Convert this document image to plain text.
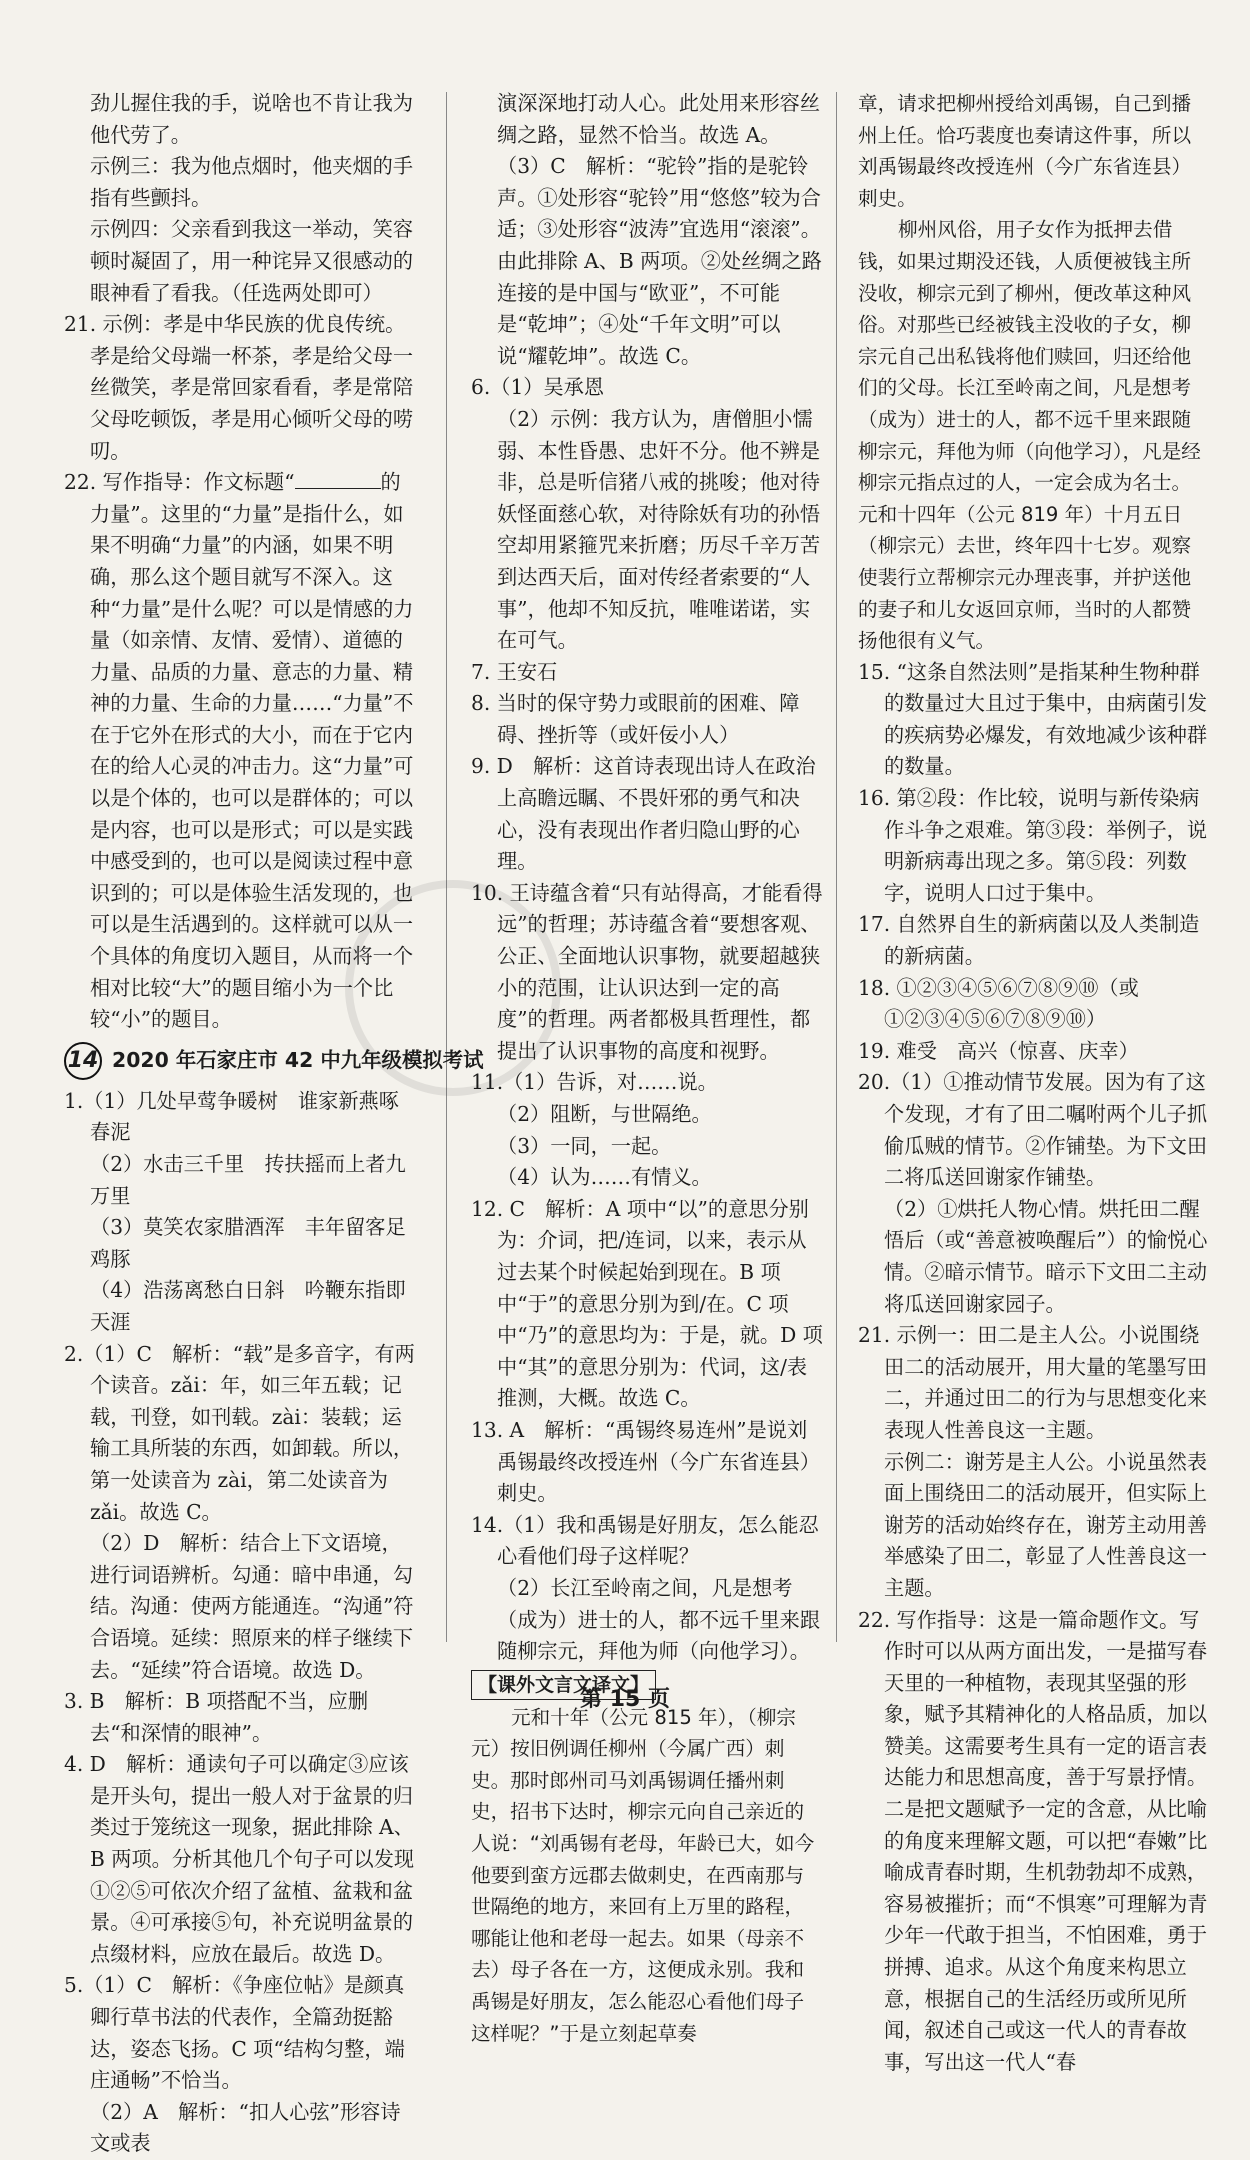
劲儿握住我的手，说啥也不肯让我为他代劳了。

示例三：我为他点烟时，他夹烟的手指有些颤抖。

示例四：父亲看到我这一举动，笑容顿时凝固了，用一种诧异又很感动的眼神看了看我。（任选两处即可）

21. 示例：孝是中华民族的优良传统。孝是给父母端一杯茶，孝是给父母一丝微笑，孝是常回家看看，孝是常陪父母吃顿饭，孝是用心倾听父母的唠叨。

22. 写作指导：作文标题“	的力量”。这里的“力量”是指什么，如果不明确“力量”的内涵，如果不明确，那么这个题目就写不深入。这种“力量”是什么呢？可以是情感的力量（如亲情、友情、爱情）、道德的力量、品质的力量、意志的力量、精神的力量、生命的力量……“力量”不在于它外在形式的大小，而在于它内在的给人心灵的冲击力。这“力量”可以是个体的，也可以是群体的；可以是内容，也可以是形式；可以是实践中感受到的，也可以是阅读过程中意识到的；可以是体验生活发现的，也可以是生活遇到的。这样就可以从一个具体的角度切入题目，从而将一个相对比较“大”的题目缩小为一个比较“小”的题目。

14 2020 年石家庄市 42 中九年级模拟考试

1.（1）几处早莺争暖树　谁家新燕啄春泥

（2）水击三千里　抟扶摇而上者九万里

（3）莫笑农家腊酒浑　丰年留客足鸡豚

（4）浩荡离愁白日斜　吟鞭东指即天涯

2.（1）C　解析：“载”是多音字，有两个读音。zǎi：年，如三年五载；记载，刊登，如刊载。zài：装载；运输工具所装的东西，如卸载。所以，第一处读音为 zài，第二处读音为 zǎi。故选 C。

（2）D　解析：结合上下文语境，进行词语辨析。勾通：暗中串通，勾结。沟通：使两方能通连。“沟通”符合语境。延续：照原来的样子继续下去。“延续”符合语境。故选 D。

3. B　解析：B 项搭配不当，应删去“和深情的眼神”。

4. D　解析：通读句子可以确定③应该是开头句，提出一般人对于盆景的归类过于笼统这一现象，据此排除 A、B 两项。分析其他几个句子可以发现①②⑤可依次介绍了盆植、盆栽和盆景。④可承接⑤句，补充说明盆景的点缀材料，应放在最后。故选 D。

5.（1）C　解析：《争座位帖》是颜真卿行草书法的代表作，全篇劲挺豁达，姿态飞扬。C 项“结构匀整，端庄通畅”不恰当。

（2）A　解析：“扣人心弦”形容诗文或表

演深深地打动人心。此处用来形容丝绸之路，显然不恰当。故选 A。

（3）C　解析：“驼铃”指的是驼铃声。①处形容“驼铃”用“悠悠”较为合适；③处形容“波涛”宜选用“滚滚”。由此排除 A、B 两项。②处丝绸之路连接的是中国与“欧亚”，不可能是“乾坤”；④处“千年文明”可以说“耀乾坤”。故选 C。

6.（1）吴承恩

（2）示例：我方认为，唐僧胆小懦弱、本性昏愚、忠奸不分。他不辨是非，总是听信猪八戒的挑唆；他对待妖怪面慈心软，对待除妖有功的孙悟空却用紧箍咒来折磨；历尽千辛万苦到达西天后，面对传经者索要的“人事”，他却不知反抗，唯唯诺诺，实在可气。

7. 王安石

8. 当时的保守势力或眼前的困难、障碍、挫折等（或奸佞小人）

9. D　解析：这首诗表现出诗人在政治上高瞻远瞩、不畏奸邪的勇气和决心，没有表现出作者归隐山野的心理。

10. 王诗蕴含着“只有站得高，才能看得远”的哲理；苏诗蕴含着“要想客观、公正、全面地认识事物，就要超越狭小的范围，让认识达到一定的高度”的哲理。两者都极具哲理性，都提出了认识事物的高度和视野。

11.（1）告诉，对……说。

（2）阻断，与世隔绝。

（3）一同，一起。

（4）认为……有情义。

12. C　解析：A 项中“以”的意思分别为：介词，把/连词，以来，表示从过去某个时候起始到现在。B 项中“于”的意思分别为到/在。C 项中“乃”的意思均为：于是，就。D 项中“其”的意思分别为：代词，这/表推测，大概。故选 C。

13. A　解析：“禹锡终易连州”是说刘禹锡最终改授连州（今广东省连县）刺史。

14.（1）我和禹锡是好朋友，怎么能忍心看他们母子这样呢？

（2）长江至岭南之间，凡是想考（成为）进士的人，都不远千里来跟随柳宗元，拜他为师（向他学习）。

【课外文言文译文】

元和十年（公元 815 年），（柳宗元）按旧例调任柳州（今属广西）刺史。那时郎州司马刘禹锡调任播州刺史，招书下达时，柳宗元向自己亲近的人说：“刘禹锡有老母，年龄已大，如今他要到蛮方远郡去做刺史，在西南那与世隔绝的地方，来回有上万里的路程，哪能让他和老母一起去。如果（母亲不去）母子各在一方，这便成永别。我和禹锡是好朋友，怎么能忍心看他们母子这样呢？”于是立刻起草奏

章，请求把柳州授给刘禹锡，自己到播州上任。恰巧裴度也奏请这件事，所以刘禹锡最终改授连州（今广东省连县）刺史。

柳州风俗，用子女作为抵押去借钱，如果过期没还钱，人质便被钱主所没收，柳宗元到了柳州，便改革这种风俗。对那些已经被钱主没收的子女，柳宗元自己出私钱将他们赎回，归还给他们的父母。长江至岭南之间，凡是想考（成为）进士的人，都不远千里来跟随柳宗元，拜他为师（向他学习），凡是经柳宗元指点过的人，一定会成为名士。元和十四年（公元 819 年）十月五日（柳宗元）去世，终年四十七岁。观察使裴行立帮柳宗元办理丧事，并护送他的妻子和儿女返回京师，当时的人都赞扬他很有义气。

15. “这条自然法则”是指某种生物种群的数量过大且过于集中，由病菌引发的疾病势必爆发，有效地减少该种群的数量。

16. 第②段：作比较，说明与新传染病作斗争之艰难。第③段：举例子，说明新病毒出现之多。第⑤段：列数字，说明人口过于集中。

17. 自然界自生的新病菌以及人类制造的新病菌。

18. ①②③④⑤⑥⑦⑧⑨⑩（或①②③④⑤⑥⑦⑧⑨⑩）

19. 难受　高兴（惊喜、庆幸）

20.（1）①推动情节发展。因为有了这个发现，才有了田二嘱咐两个儿子抓偷瓜贼的情节。②作铺垫。为下文田二将瓜送回谢家作铺垫。

（2）①烘托人物心情。烘托田二醒悟后（或“善意被唤醒后”）的愉悦心情。②暗示情节。暗示下文田二主动将瓜送回谢家园子。

21. 示例一：田二是主人公。小说围绕田二的活动展开，用大量的笔墨写田二，并通过田二的行为与思想变化来表现人性善良这一主题。

示例二：谢芳是主人公。小说虽然表面上围绕田二的活动展开，但实际上谢芳的活动始终存在，谢芳主动用善举感染了田二，彰显了人性善良这一主题。

22. 写作指导：这是一篇命题作文。写作时可以从两方面出发，一是描写春天里的一种植物，表现其坚强的形象，赋予其精神化的人格品质，加以赞美。这需要考生具有一定的语言表达能力和思想高度，善于写景抒情。二是把文题赋予一定的含意，从比喻的角度来理解文题，可以把“春嫩”比喻成青春时期，生机勃勃却不成熟，容易被摧折；而“不惧寒”可理解为青少年一代敢于担当，不怕困难，勇于拼搏、追求。从这个角度来构思立意，根据自己的生活经历或所见所闻，叙述自己或这一代人的青春故事，写出这一代人“春

第 15 页
